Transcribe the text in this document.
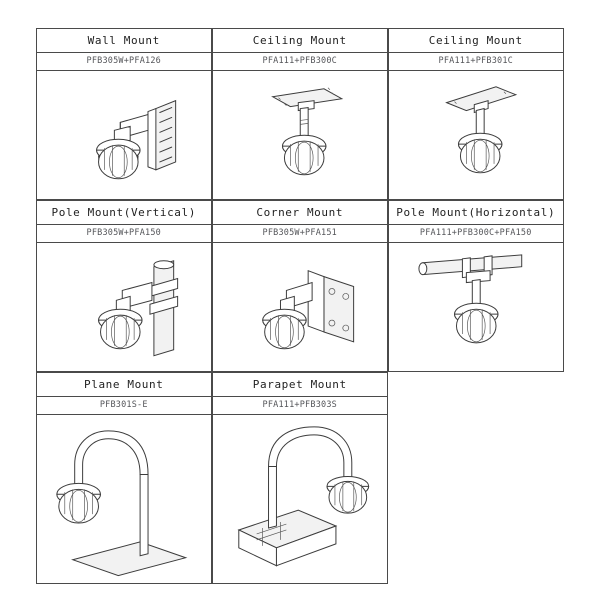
Wall Mount
PFB305W+PFA126
Ceiling Mount
PFA111+PFB300C
Ceiling Mount
PFA111+PFB301C
Pole Mount(Vertical)
PFB305W+PFA150
Corner Mount
PFB305W+PFA151
Pole Mount(Horizontal)
PFA111+PFB300C+PFA150
Plane Mount
PFB301S-E
Parapet Mount
PFA111+PFB303S
